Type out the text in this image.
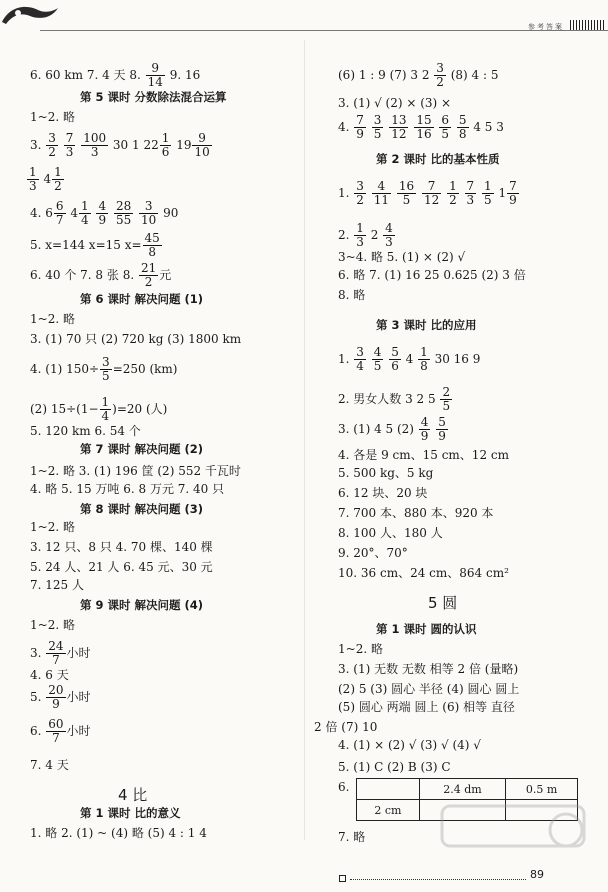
参考答案
6. 60 km 7. 4 天 8. $\frac{9}{14} 9$. 16
第 5 课时 分数除法混合运算
1~2. 略
3. $\frac{3}{2}$
$\frac{7}{3}$
$\frac{100}{3} 30$ 1 $22 \frac{1}{6} 19 \frac{9}{10}$
$\frac{1}{3} 4 \frac{1}{2}$
4. $6 \frac{6}{7} 4 \frac{1}{4}$
$\frac{4}{9}$
$\frac{28}{55}$
$\frac{3}{10} 90$
5. x=144 x=15 $x= \frac{45}{8}$
6. 40 个 7. 8 张 8. $\frac{21}{2}$ 元
第 6 课时 解决问题 (1)
1~2. 略
3. (1) 70 只 (2) 720 kg (3) 1800 km
4. (1) $150\div \frac{3}{5} =250$ (km)
(2) $15\div(1- \frac{1}{4} )=20$ (人)
5. 120 km 6. 54 个
第 7 课时 解决问题 (2)
1~2. 略 3. (1) 196 筐 (2) 552 千瓦时
4. 略 5. 15 万吨 6. 8 万元 7. 40 只
第 8 课时 解决问题 (3)
1~2. 略
3. 12 只、8 只 4. 70 棵、140 棵
5. 24 人、21 人 6. 45 元、30 元
7. 125 人
第 9 课时 解决问题 (4)
1~2. 略
3. $\frac{24}{7}$ 小时
4. 6 天
5. $\frac{20}{9}$ 小时
6. $\frac{60}{7}$ 小时
7. 4 天
4 比
第 1 课时 比的意义
1. 略 2. (1) ~ (4) 略 (5) 4 : 1 4
(6) 1 : 9 (7) 3 $2 \frac{3}{2} (8)$ 4 : 5
3. (1) √ (2) × (3) ×
4. $\frac{7}{9}$
$\frac{3}{5}$
$\frac{13}{12}$
$\frac{15}{16}$
$\frac{6}{5}$
$\frac{5}{8} 4$ 5 3
第 2 课时 比的基本性质
1. $\frac{3}{2}$
$\frac{4}{11}$
$\frac{16}{5}$
$\frac{7}{12}$
$\frac{1}{2}$
$\frac{7}{3}$
$\frac{1}{5} 1 \frac{7}{9}$
2. $\frac{1}{3} 2 \frac{4}{3}$
3~4. 略 5. (1) × (2) √
6. 略 7. (1) 16 25 0.625 (2) 3 倍
8. 略
第 3 课时 比的应用
1. $\frac{3}{4}$
$\frac{4}{5}$
$\frac{5}{6} 4 \frac{1}{8} 30$ 16 9
2. 男女人数 3 2 $5 \frac{2}{5}$
3. (1) 4 5 $(2) \frac{4}{9}$
$\frac{5}{9}$
4. 各是 9 cm、15 cm、12 cm
5. 500 kg、5 kg
6. 12 块、20 块
7. 700 本、880 本、920 本
8. 100 人、180 人
9. 20°、70°
10. 36 cm、24 cm、864 cm²
5 圆
第 1 课时 圆的认识
1~2. 略
3. (1) 无数 无数 相等 2 倍 (量略)
(2) 5 (3) 圆心 半径 (4) 圆心 圆上
(5) 圆心 两端 圆上 (6) 相等 直径
2 倍 (7) 10
4. (1) × (2) √ (3) √ (4) √
5. (1) C (2) B (3) C
6.
7. 略
	2.4 dm	0.5 m
2 cm		
89
